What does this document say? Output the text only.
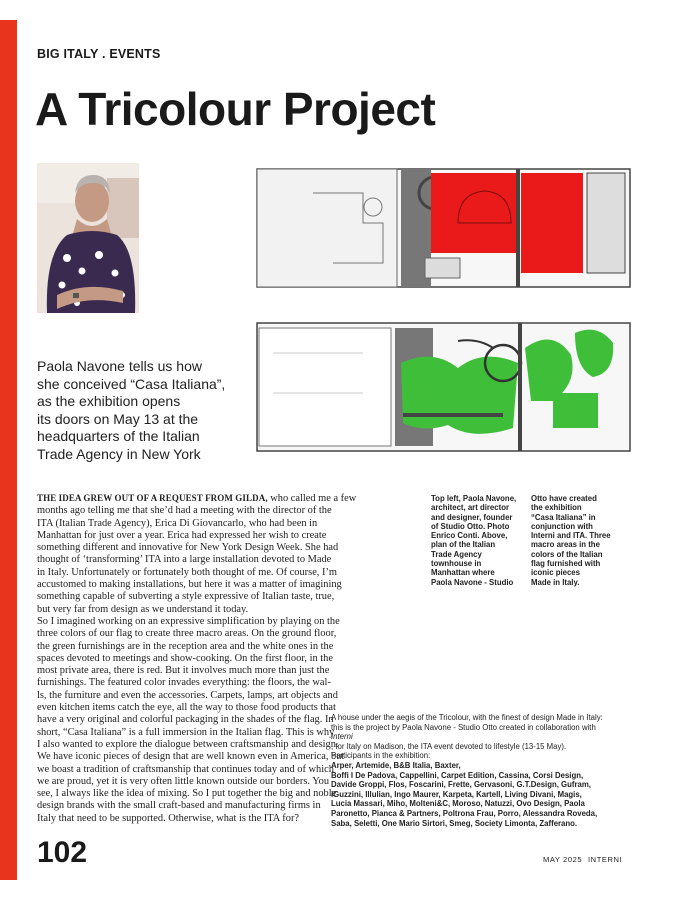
BIG ITALY . EVENTS
A Tricolour Project
Paola Navone tells us how
she conceived “Casa Italiana”,
as the exhibition opens
its doors on May 13 at the
headquarters of the Italian
Trade Agency in New York
THE IDEA GREW OUT OF A REQUEST FROM GILDA, who called me a few
months ago telling me that she’d had a meeting with the director of the
ITA (Italian Trade Agency), Erica Di Giovancarlo, who had been in
Manhattan for just over a year. Erica had expressed her wish to create
something different and innovative for New York Design Week. She had
thought of ‘transforming’ ITA into a large installation devoted to Made
in Italy. Unfortunately or fortunately both thought of me. Of course, I’m
accustomed to making installations, but here it was a matter of imagining
something capable of subverting a style expressive of Italian taste, true,
but very far from design as we understand it today.
So I imagined working on an expressive simplification by playing on the
three colors of our flag to create three macro areas. On the ground floor,
the green furnishings are in the reception area and the white ones in the
spaces devoted to meetings and show-cooking. On the first floor, in the
most private area, there is red. But it involves much more than just the
furnishings. The featured color invades everything: the floors, the wal-
ls, the furniture and even the accessories. Carpets, lamps, art objects and
even kitchen items catch the eye, all the way to those food products that
have a very original and colorful packaging in the shades of the flag. In
short, “Casa Italiana” is a full immersion in the Italian flag. This is why
I also wanted to explore the dialogue between craftsmanship and design.
We have iconic pieces of design that are well known even in America, but
we boast a tradition of craftsmanship that continues today and of which
we are proud, yet it is very often little known outside our borders. You
see, I always like the idea of mixing. So I put together the big and noble
design brands with the small craft-based and manufacturing firms in
Italy that need to be supported. Otherwise, what is the ITA for?
Top left, Paola Navone,
architect, art director
and designer, founder
of Studio Otto. Photo
Enrico Conti. Above,
plan of the Italian
Trade Agency
townhouse in
Manhattan where
Paola Navone - Studio
Otto have created
the exhibition
“Casa Italiana” in
conjunction with
Interni and ITA. Three
macro areas in the
colors of the Italian
flag furnished with
iconic pieces
Made in Italy.
A house under the aegis of the Tricolour, with the finest of design Made in Italy:
this is the project by Paola Navone - Studio Otto created in collaboration with
Interni
, for Italy on Madison, the ITA event devoted to lifestyle (13-15 May).
Participants in the exhibition:
Arper, Artemide, B&B Italia, Baxter,
Boffi I De Padova, Cappellini, Carpet Edition, Cassina, Corsi Design,
Davide Groppi, Flos, Foscarini, Frette, Gervasoni, G.T.Design, Gufram,
iGuzzini, Illulian, Ingo Maurer, Karpeta, Kartell, Living Divani, Magis,
Lucia Massari, Miho, Molteni&C, Moroso, Natuzzi, Ovo Design, Paola
Paronetto, Pianca & Partners, Poltrona Frau, Porro, Alessandra Roveda,
Saba, Seletti, One Mario Sirtori, Smeg, Society Limonta, Zafferano.
102	MAY 2025 INTERNI
